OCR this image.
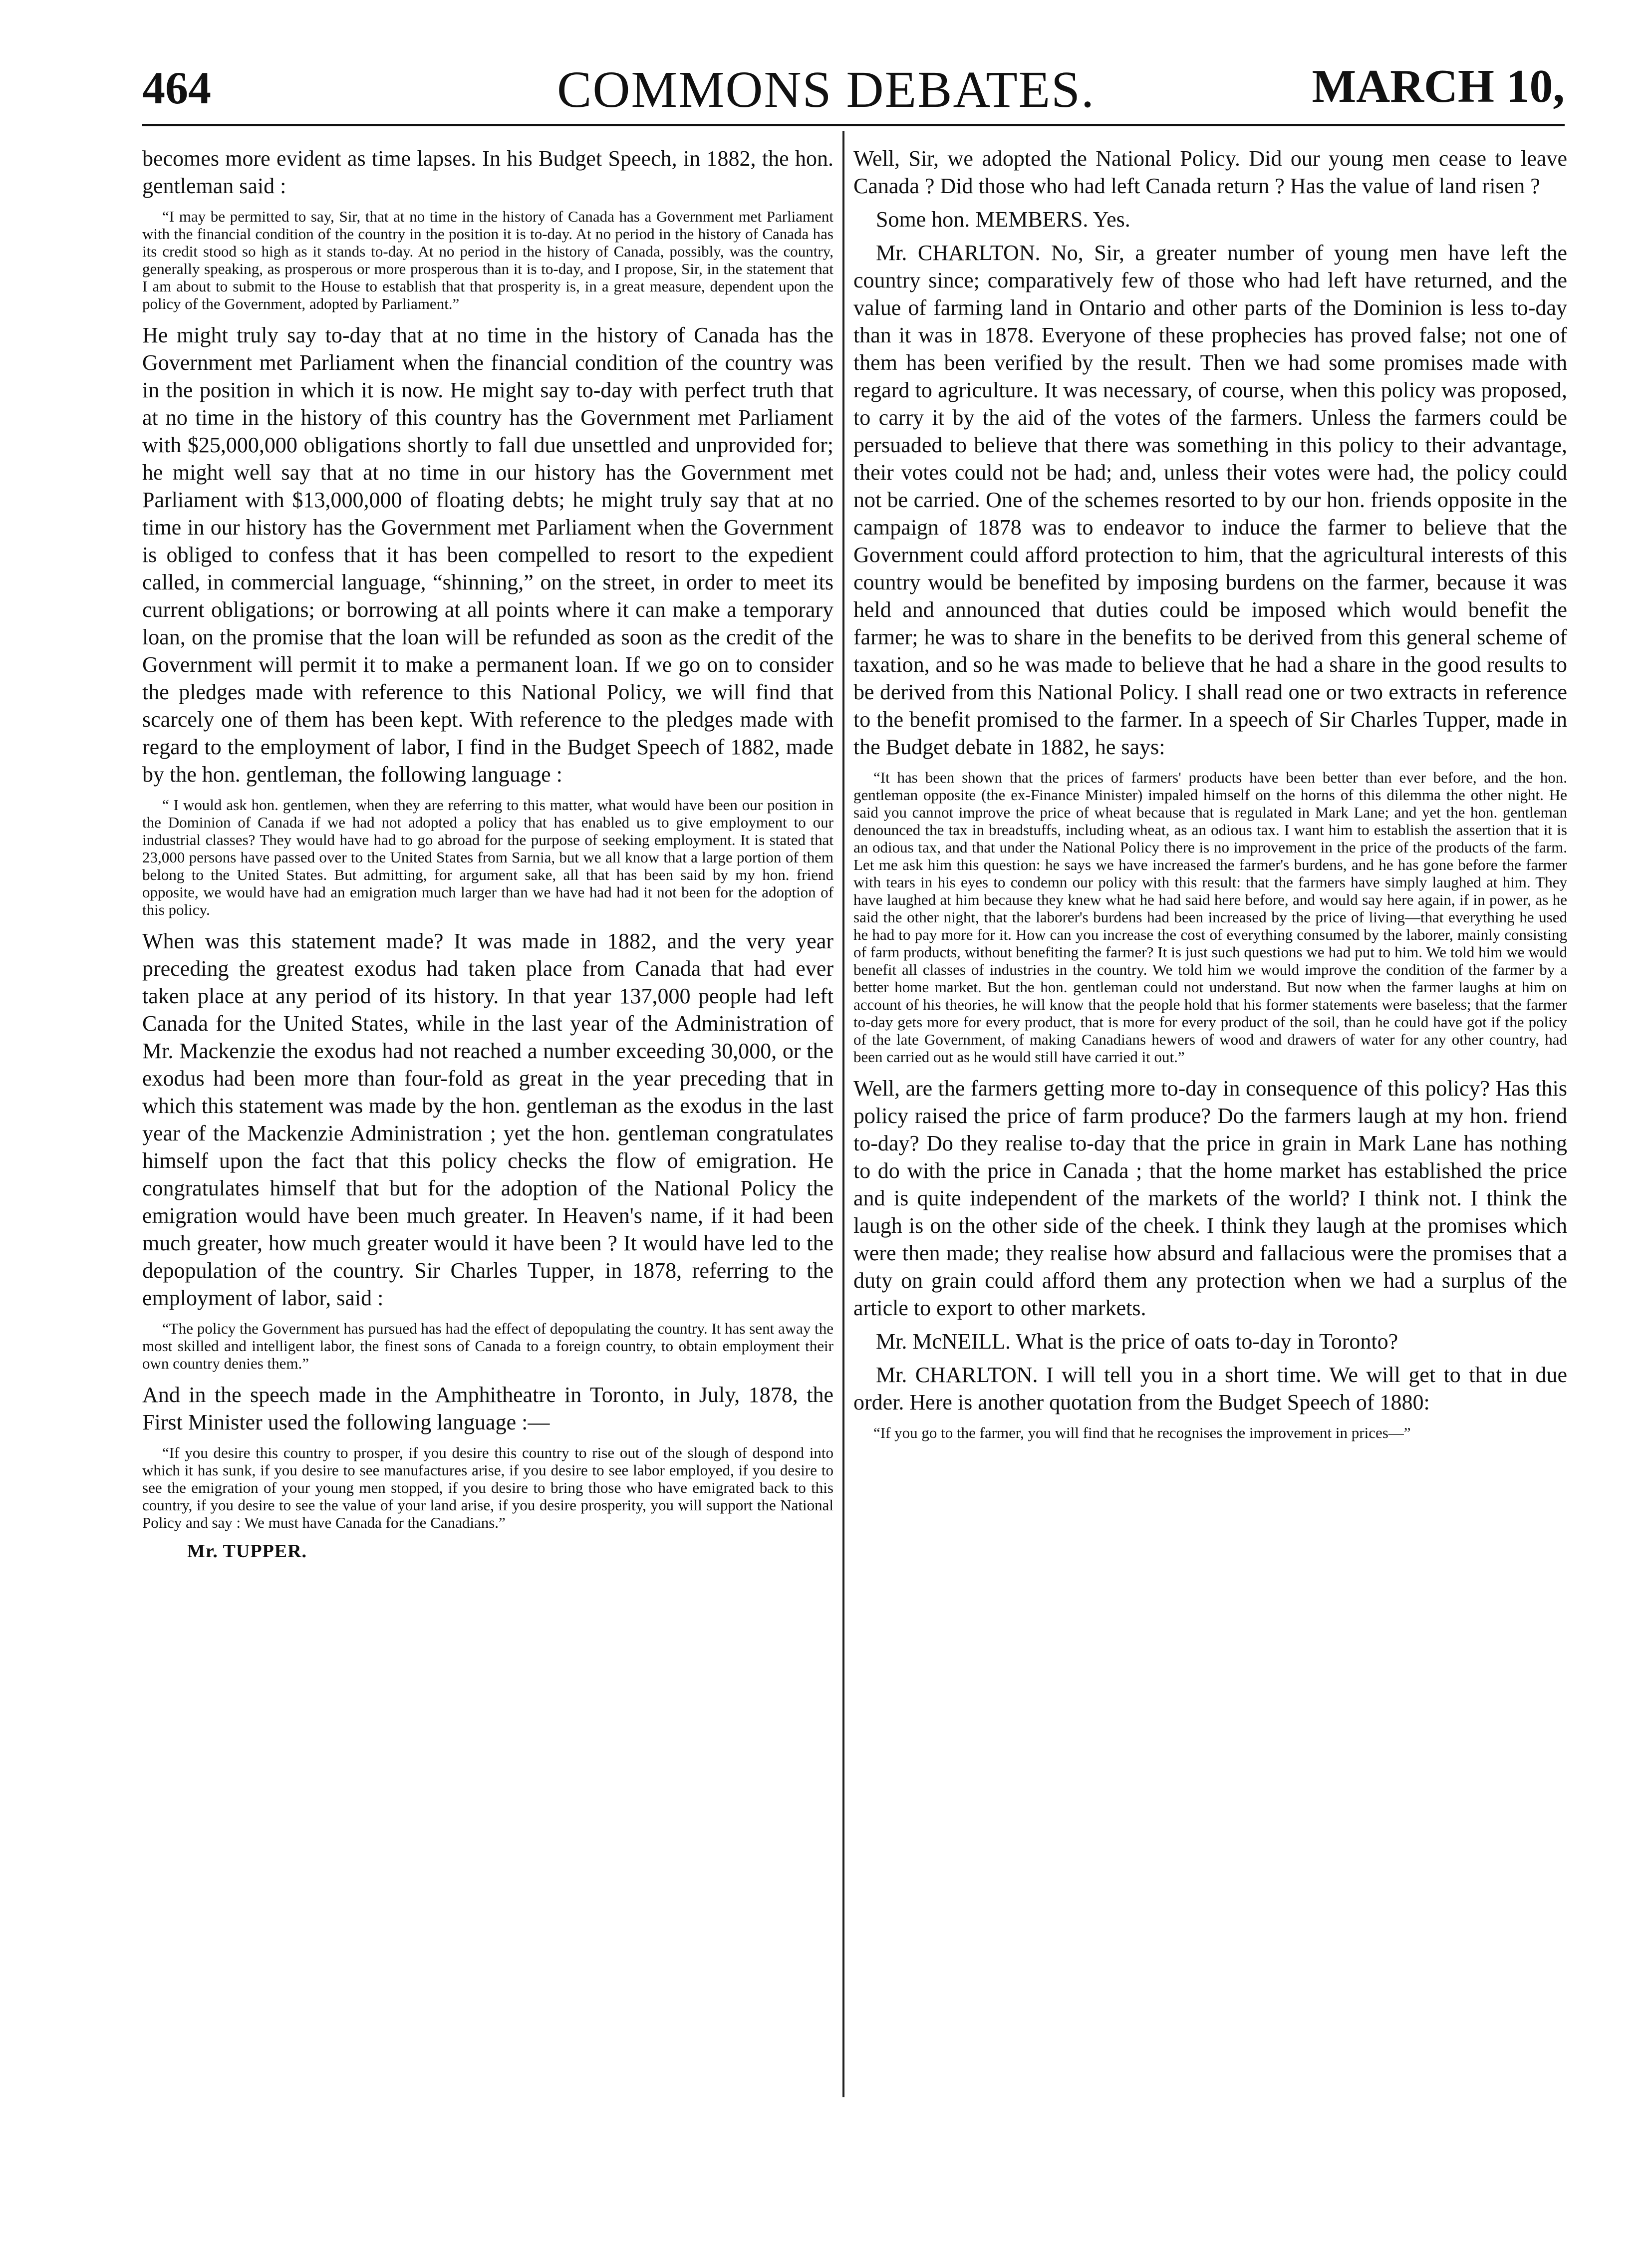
464	COMMONS DEBATES.	MARCH 10,

becomes more evident as time lapses. In his Budget Speech, in 1882, the hon. gentleman said :

“I may be permitted to say, Sir, that at no time in the history of Canada has a Government met Parliament with the financial condition of the country in the position it is to-day. At no period in the history of Canada has its credit stood so high as it stands to-day. At no period in the history of Canada, possibly, was the country, generally speaking, as prosperous or more prosperous than it is to-day, and I propose, Sir, in the statement that I am about to submit to the House to establish that that prosperity is, in a great measure, dependent upon the policy of the Government, adopted by Parliament.”

He might truly say to-day that at no time in the history of Canada has the Government met Parliament when the financial condition of the country was in the position in which it is now. He might say to-day with perfect truth that at no time in the history of this country has the Government met Parliament with $25,000,000 obligations shortly to fall due unsettled and unprovided for; he might well say that at no time in our history has the Government met Parliament with $13,000,000 of floating debts; he might truly say that at no time in our history has the Government met Parliament when the Government is obliged to confess that it has been compelled to resort to the expedient called, in commercial language, “shinning,” on the street, in order to meet its current obligations; or borrowing at all points where it can make a temporary loan, on the promise that the loan will be refunded as soon as the credit of the Government will permit it to make a permanent loan. If we go on to consider the pledges made with reference to this National Policy, we will find that scarcely one of them has been kept. With reference to the pledges made with regard to the employment of labor, I find in the Budget Speech of 1882, made by the hon. gentleman, the following language :

“ I would ask hon. gentlemen, when they are referring to this matter, what would have been our position in the Dominion of Canada if we had not adopted a policy that has enabled us to give employment to our industrial classes? They would have had to go abroad for the purpose of seeking employment. It is stated that 23,000 persons have passed over to the United States from Sarnia, but we all know that a large portion of them belong to the United States. But admitting, for argument sake, all that has been said by my hon. friend opposite, we would have had an emigration much larger than we have had had it not been for the adoption of this policy.

When was this statement made? It was made in 1882, and the very year preceding the greatest exodus had taken place from Canada that had ever taken place at any period of its history. In that year 137,000 people had left Canada for the United States, while in the last year of the Administration of Mr. Mackenzie the exodus had not reached a number exceeding 30,000, or the exodus had been more than four-fold as great in the year preceding that in which this statement was made by the hon. gentleman as the exodus in the last year of the Mackenzie Administration ; yet the hon. gentleman congratulates himself upon the fact that this policy checks the flow of emigration. He congratulates himself that but for the adoption of the National Policy the emigration would have been much greater. In Heaven's name, if it had been much greater, how much greater would it have been ? It would have led to the depopulation of the country. Sir Charles Tupper, in 1878, referring to the employment of labor, said :

“The policy the Government has pursued has had the effect of depopulating the country. It has sent away the most skilled and intelligent labor, the finest sons of Canada to a foreign country, to obtain employment their own country denies them.”

And in the speech made in the Amphitheatre in Toronto, in July, 1878, the First Minister used the following language :—

“If you desire this country to prosper, if you desire this country to rise out of the slough of despond into which it has sunk, if you desire to see manufactures arise, if you desire to see labor employed, if you desire to see the emigration of your young men stopped, if you desire to bring those who have emigrated back to this country, if you desire to see the value of your land arise, if you desire prosperity, you will support the National Policy and say : We must have Canada for the Canadians.”
Mr. TUPPER.

Well, Sir, we adopted the National Policy. Did our young men cease to leave Canada ? Did those who had left Canada return ? Has the value of land risen ?

Some hon. MEMBERS. Yes.

Mr. CHARLTON. No, Sir, a greater number of young men have left the country since; comparatively few of those who had left have returned, and the value of farming land in Ontario and other parts of the Dominion is less to-day than it was in 1878. Everyone of these prophecies has proved false; not one of them has been verified by the result. Then we had some promises made with regard to agriculture. It was necessary, of course, when this policy was proposed, to carry it by the aid of the votes of the farmers. Unless the farmers could be persuaded to believe that there was something in this policy to their advantage, their votes could not be had; and, unless their votes were had, the policy could not be carried. One of the schemes resorted to by our hon. friends opposite in the campaign of 1878 was to endeavor to induce the farmer to believe that the Government could afford protection to him, that the agricultural interests of this country would be benefited by imposing burdens on the farmer, because it was held and announced that duties could be imposed which would benefit the farmer; he was to share in the benefits to be derived from this general scheme of taxation, and so he was made to believe that he had a share in the good results to be derived from this National Policy. I shall read one or two extracts in reference to the benefit promised to the farmer. In a speech of Sir Charles Tupper, made in the Budget debate in 1882, he says:

“It has been shown that the prices of farmers' products have been better than ever before, and the hon. gentleman opposite (the ex-Finance Minister) impaled himself on the horns of this dilemma the other night. He said you cannot improve the price of wheat because that is regulated in Mark Lane; and yet the hon. gentleman denounced the tax in breadstuffs, including wheat, as an odious tax. I want him to establish the assertion that it is an odious tax, and that under the National Policy there is no improvement in the price of the products of the farm. Let me ask him this question: he says we have increased the farmer's burdens, and he has gone before the farmer with tears in his eyes to condemn our policy with this result: that the farmers have simply laughed at him. They have laughed at him because they knew what he had said here before, and would say here again, if in power, as he said the other night, that the laborer's burdens had been increased by the price of living—that everything he used he had to pay more for it. How can you increase the cost of everything consumed by the laborer, mainly consisting of farm products, without benefiting the farmer? It is just such questions we had put to him. We told him we would benefit all classes of industries in the country. We told him we would improve the condition of the farmer by a better home market. But the hon. gentleman could not understand. But now when the farmer laughs at him on account of his theories, he will know that the people hold that his former statements were baseless; that the farmer to-day gets more for every product, that is more for every product of the soil, than he could have got if the policy of the late Government, of making Canadians hewers of wood and drawers of water for any other country, had been carried out as he would still have carried it out.”

Well, are the farmers getting more to-day in consequence of this policy? Has this policy raised the price of farm produce? Do the farmers laugh at my hon. friend to-day? Do they realise to-day that the price in grain in Mark Lane has nothing to do with the price in Canada ; that the home market has established the price and is quite independent of the markets of the world? I think not. I think the laugh is on the other side of the cheek. I think they laugh at the promises which were then made; they realise how absurd and fallacious were the promises that a duty on grain could afford them any protection when we had a surplus of the article to export to other markets.

Mr. McNEILL. What is the price of oats to-day in Toronto?

Mr. CHARLTON. I will tell you in a short time. We will get to that in due order. Here is another quotation from the Budget Speech of 1880:

“If you go to the farmer, you will find that he recognises the improvement in prices—”
